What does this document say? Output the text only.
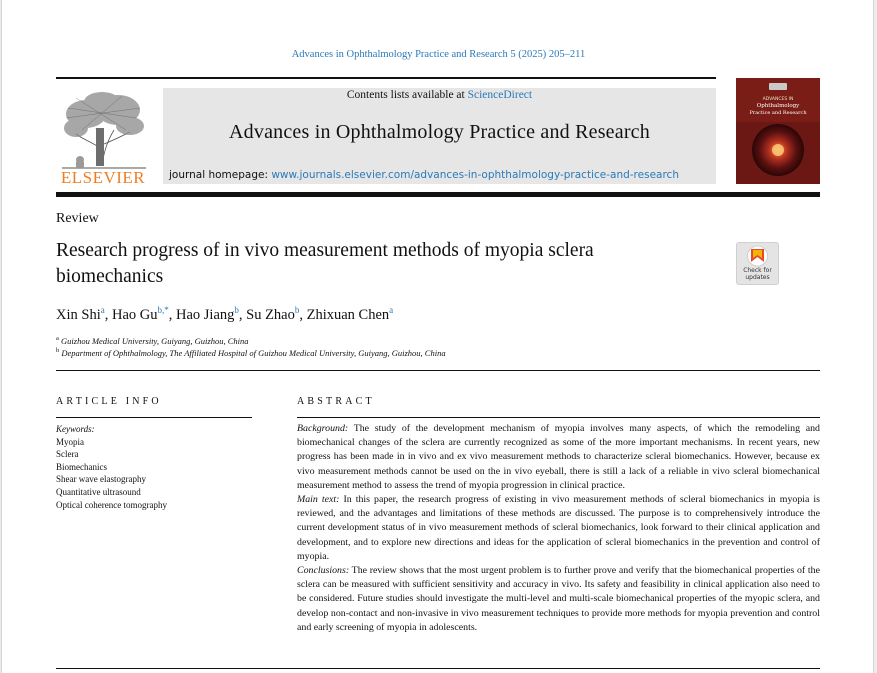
Advances in Ophthalmology Practice and Research 5 (2025) 205–211
ELSEVIER
Contents lists available at ScienceDirect
Advances in Ophthalmology Practice and Research
journal homepage: www.journals.elsevier.com/advances-in-ophthalmology-practice-and-research
ADVANCES IN
Ophthalmology
Practice and Research
Review
Research progress of in vivo measurement methods of myopia sclera biomechanics	Check for
updates
Xin Shi$^a$, Hao $Gu^{b,*}$, Hao Jiang$^b$, Su Zhao$^b$, Zhixuan Chen$^a$
$^a$ Guizhou Medical University, Guiyang, Guizhou, China
$^b$ Department of Ophthalmology, The Affiliated Hospital of Guizhou Medical University, Guiyang, Guizhou, China
ARTICLE INFO
Keywords:
Myopia
Sclera
Biomechanics
Shear wave elastography
Quantitative ultrasound
Optical coherence tomography
ABSTRACT

Background: The study of the development mechanism of myopia involves many aspects, of which the remodeling and biomechanical changes of the sclera are currently recognized as some of the more important mechanisms. In recent years, new progress has been made in in vivo and ex vivo measurement methods to characterize scleral biomechanics. However, because ex vivo measurement methods cannot be used on the in vivo eyeball, there is still a lack of a reliable in vivo scleral biomechanical measurement method to assess the trend of myopia progression in clinical practice.

Main text: In this paper, the research progress of existing in vivo measurement methods of scleral biomechanics in myopia is reviewed, and the advantages and limitations of these methods are discussed. The purpose is to comprehensively introduce the current development status of in vivo measurement methods of scleral biomechanics, look forward to their clinical application and development, and to explore new directions and ideas for the application of scleral biomechanics in the prevention and control of myopia.

Conclusions: The review shows that the most urgent problem is to further prove and verify that the biomechanical properties of the sclera can be measured with sufficient sensitivity and accuracy in vivo. Its safety and feasibility in clinical application also need to be considered. Future studies should investigate the multi-level and multi-scale biomechanical properties of the myopic sclera, and develop non-contact and non-invasive in vivo measurement techniques to provide more methods for myopia prevention and control and early screening of myopia in adolescents.
